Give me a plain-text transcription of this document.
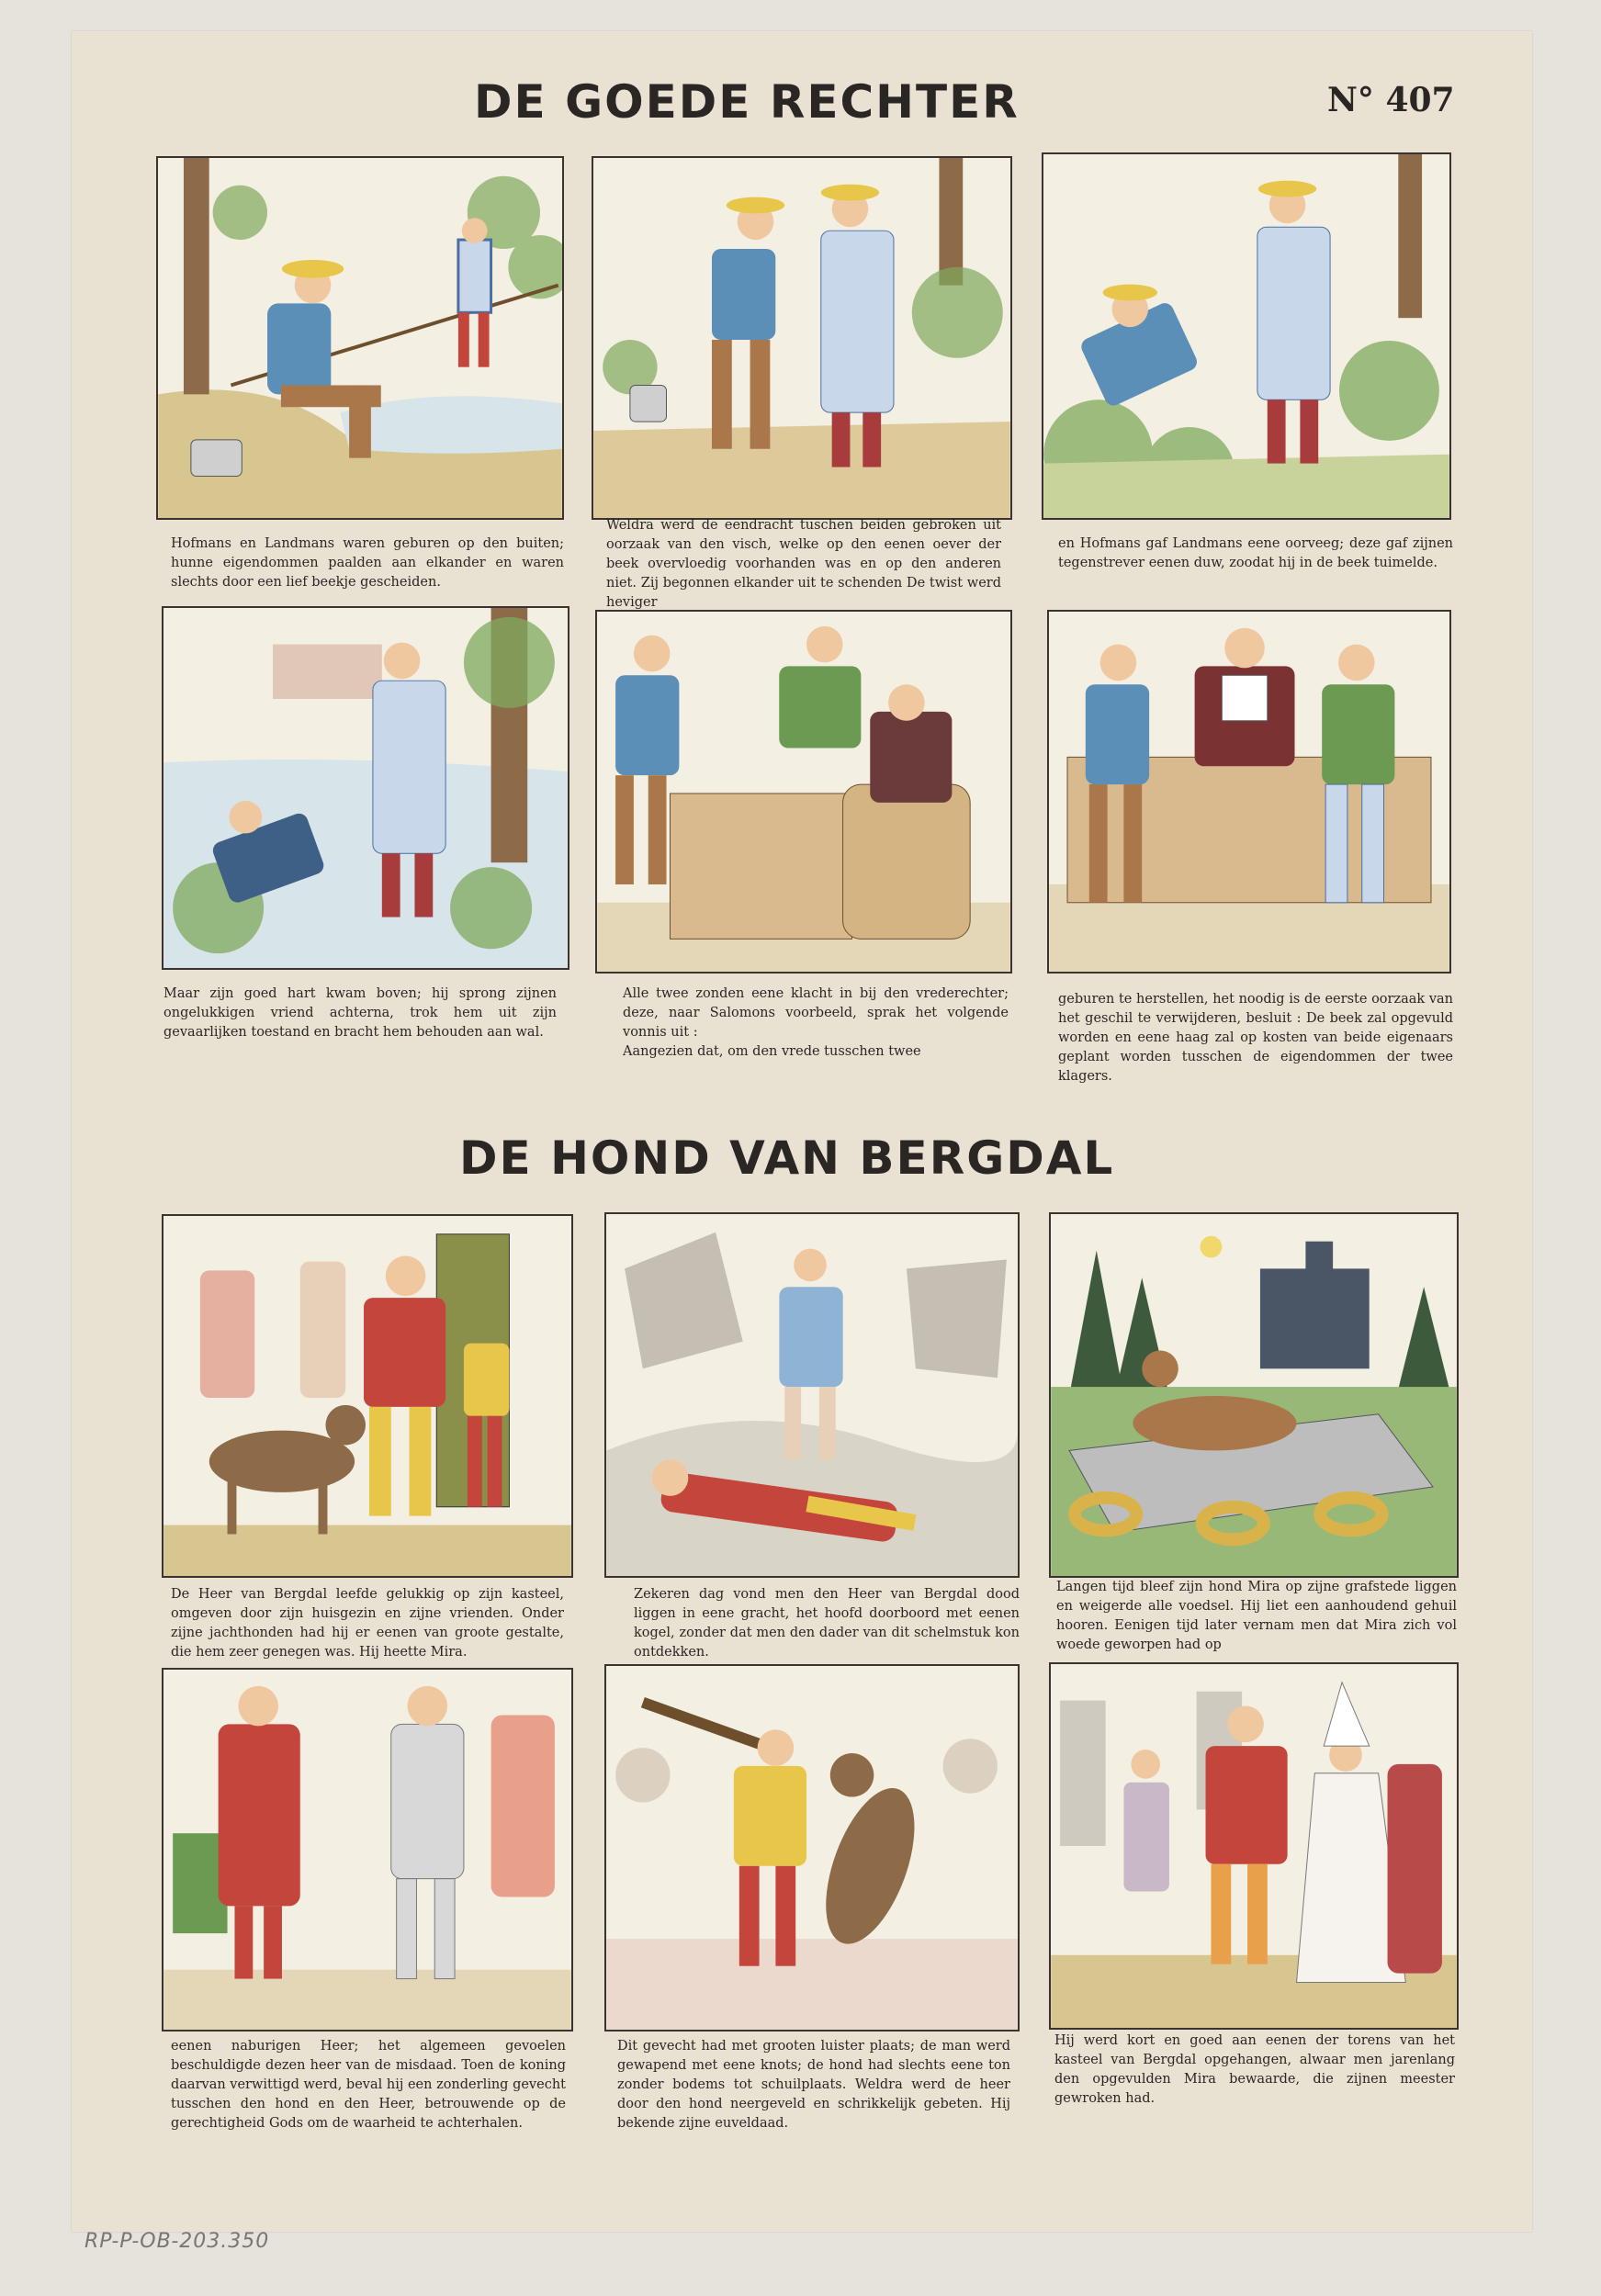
DE GOEDE RECHTER	N° 407
DE HOND VAN BERGDAL
Hofmans en Landmans waren geburen op den buiten; hunne eigendommen paalden aan elkander en waren slechts door een lief beekje gescheiden.
Weldra werd de eendracht tuschen beiden gebroken uit oorzaak van den visch, welke op den eenen oever der beek overvloedig voorhanden was en op den anderen niet. Zij begonnen elkander uit te schenden De twist werd heviger
en Hofmans gaf Landmans eene oorveeg; deze gaf zijnen tegenstrever eenen duw, zoodat hij in de beek tuimelde.
Maar zijn goed hart kwam boven; hij sprong zijnen ongelukkigen vriend achterna, trok hem uit zijn gevaarlijken toestand en bracht hem behouden aan wal.
Alle twee zonden eene klacht in bij den vrederechter; deze, naar Salomons voorbeeld, sprak het volgende vonnis uit :
Aangezien dat, om den vrede tusschen twee
geburen te herstellen, het noodig is de eerste oorzaak van het geschil te verwijderen, besluit : De beek zal opgevuld worden en eene haag zal op kosten van beide eigenaars geplant worden tusschen de eigendommen der twee klagers.
De Heer van Bergdal leefde gelukkig op zijn kasteel, omgeven door zijn huisgezin en zijne vrienden. Onder zijne jachthonden had hij er eenen van groote gestalte, die hem zeer genegen was. Hij heette Mira.
Zekeren dag vond men den Heer van Bergdal dood liggen in eene gracht, het hoofd doorboord met eenen kogel, zonder dat men den dader van dit schelmstuk kon ontdekken.
Langen tijd bleef zijn hond Mira op zijne grafstede liggen en weigerde alle voedsel. Hij liet een aanhoudend gehuil hooren. Eenigen tijd later vernam men dat Mira zich vol woede geworpen had op
eenen naburigen Heer; het algemeen gevoelen beschuldigde dezen heer van de misdaad. Toen de koning daarvan verwittigd werd, beval hij een zonderling gevecht tusschen den hond en den Heer, betrouwende op de gerechtigheid Gods om de waarheid te achterhalen.
Dit gevecht had met grooten luister plaats; de man werd gewapend met eene knots; de hond had slechts eene ton zonder bodems tot schuilplaats. Weldra werd de heer door den hond neergeveld en schrikkelijk gebeten. Hij bekende zijne euveldaad.
Hij werd kort en goed aan eenen der torens van het kasteel van Bergdal opgehangen, alwaar men jarenlang den opgevulden Mira bewaarde, die zijnen meester gewroken had.
RP-P-OB-203.350
